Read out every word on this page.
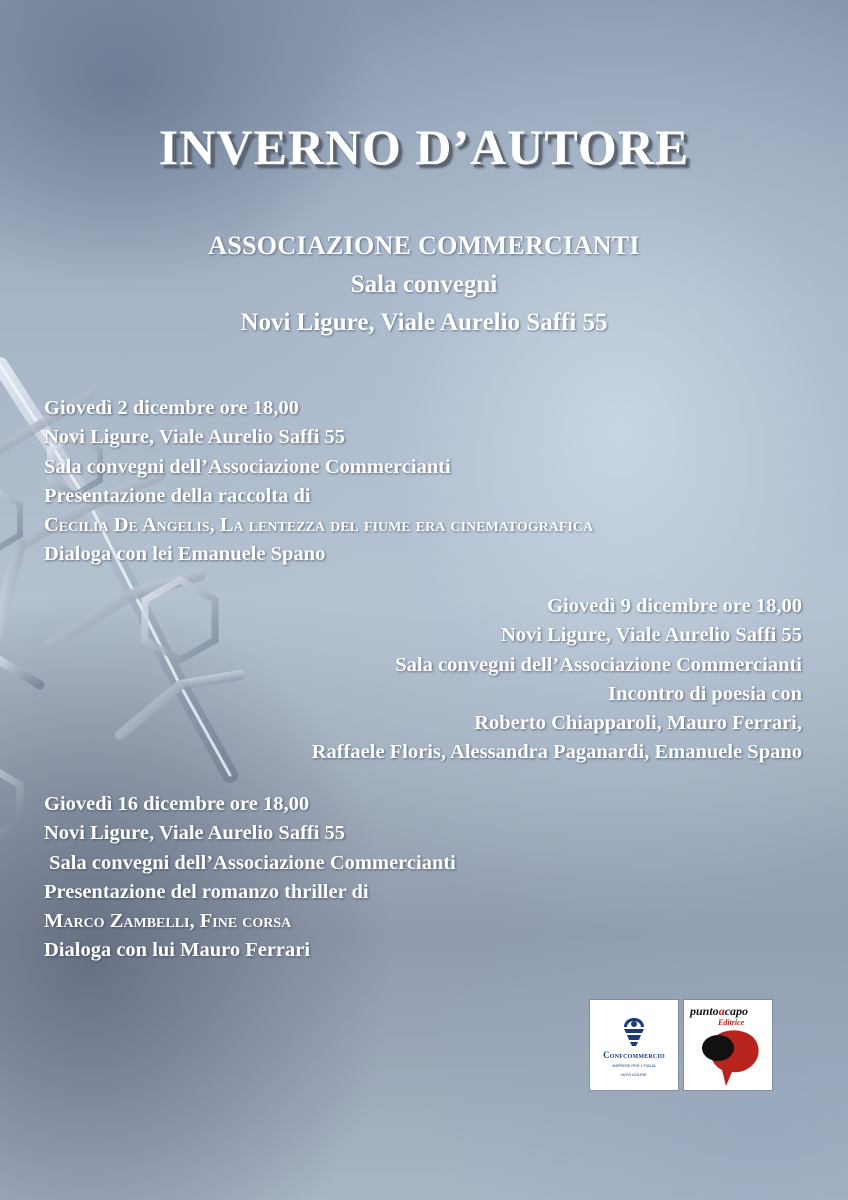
INVERNO D’AUTORE
ASSOCIAZIONE COMMERCIANTI
Sala convegni
Novi Ligure, Viale Aurelio Saffi 55
Giovedì 2 dicembre ore 18,00
Novi Ligure, Viale Aurelio Saffi 55
Sala convegni dell’Associazione Commercianti
Presentazione della raccolta di
Cecilia De Angelis, La lentezza del fiume era cinematografica
Dialoga con lei Emanuele Spano
Giovedì 9 dicembre ore 18,00
Novi Ligure, Viale Aurelio Saffi 55
Sala convegni dell’Associazione Commercianti
Incontro di poesia con
Roberto Chiapparoli, Mauro Ferrari,
Raffaele Floris, Alessandra Paganardi, Emanuele Spano
Giovedì 16 dicembre ore 18,00
Novi Ligure, Viale Aurelio Saffi 55
Sala convegni dell’Associazione Commercianti
Presentazione del romanzo thriller di
Marco Zambelli, Fine corsa
Dialoga con lui Mauro Ferrari
Confcommercio
IMPRESE PER L'ITALIA
NOVI LIGURE
puntoacapo
Editrice
